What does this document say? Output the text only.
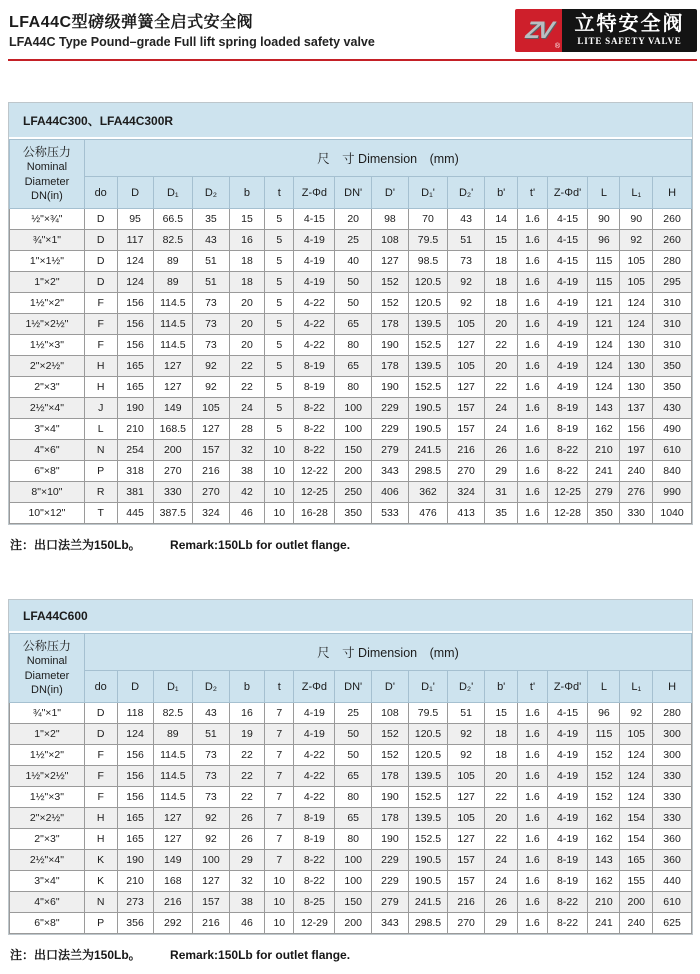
LFA44C型磅级弹簧全启式安全阀
LFA44C Type Pound–grade Full lift spring loaded safety valve	ZV
®
立特安全阀
LITE SAFETY VALVE
LFA44C300、LFA44C300R
公称压力
Nominal
Diameter
DN(in)	尺　寸 Dimension　(mm)																
	do	D	D₁	D₂	b	t	Z-Φd	DN'	D'	D₁'	D₂'	b'	t'	Z-Φd'	L	L₁	H
½"×¾"	D	95	66.5	35	15	5	4-15	20	98	70	43	14	1.6	4-15	90	90	260
¾"×1"	D	117	82.5	43	16	5	4-19	25	108	79.5	51	15	1.6	4-15	96	92	260
1"×1½"	D	124	89	51	18	5	4-19	40	127	98.5	73	18	1.6	4-15	115	105	280
1"×2"	D	124	89	51	18	5	4-19	50	152	120.5	92	18	1.6	4-19	115	105	295
1½"×2"	F	156	114.5	73	20	5	4-22	50	152	120.5	92	18	1.6	4-19	121	124	310
1½"×2½"	F	156	114.5	73	20	5	4-22	65	178	139.5	105	20	1.6	4-19	121	124	310
1½"×3"	F	156	114.5	73	20	5	4-22	80	190	152.5	127	22	1.6	4-19	124	130	310
2"×2½"	H	165	127	92	22	5	8-19	65	178	139.5	105	20	1.6	4-19	124	130	350
2"×3"	H	165	127	92	22	5	8-19	80	190	152.5	127	22	1.6	4-19	124	130	350
2½"×4"	J	190	149	105	24	5	8-22	100	229	190.5	157	24	1.6	8-19	143	137	430
3"×4"	L	210	168.5	127	28	5	8-22	100	229	190.5	157	24	1.6	8-19	162	156	490
4"×6"	N	254	200	157	32	10	8-22	150	279	241.5	216	26	1.6	8-22	210	197	610
6"×8"	P	318	270	216	38	10	12-22	200	343	298.5	270	29	1.6	8-22	241	240	840
8"×10"	R	381	330	270	42	10	12-25	250	406	362	324	31	1.6	12-25	279	276	990
10"×12"	T	445	387.5	324	46	10	16-28	350	533	476	413	35	1.6	12-28	350	330	1040

注：出口法兰为150Lb。 Remark:150Lb for outlet flange.

LFA44C600
公称压力
Nominal
Diameter
DN(in)	尺　寸 Dimension　(mm)																
	do	D	D₁	D₂	b	t	Z-Φd	DN'	D'	D₁'	D₂'	b'	t'	Z-Φd'	L	L₁	H
¾"×1"	D	118	82.5	43	16	7	4-19	25	108	79.5	51	15	1.6	4-15	96	92	280
1"×2"	D	124	89	51	19	7	4-19	50	152	120.5	92	18	1.6	4-19	115	105	300
1½"×2"	F	156	114.5	73	22	7	4-22	50	152	120.5	92	18	1.6	4-19	152	124	300
1½"×2½"	F	156	114.5	73	22	7	4-22	65	178	139.5	105	20	1.6	4-19	152	124	330
1½"×3"	F	156	114.5	73	22	7	4-22	80	190	152.5	127	22	1.6	4-19	152	124	330
2"×2½"	H	165	127	92	26	7	8-19	65	178	139.5	105	20	1.6	4-19	162	154	330
2"×3"	H	165	127	92	26	7	8-19	80	190	152.5	127	22	1.6	4-19	162	154	360
2½"×4"	K	190	149	100	29	7	8-22	100	229	190.5	157	24	1.6	8-19	143	165	360
3"×4"	K	210	168	127	32	10	8-22	100	229	190.5	157	24	1.6	8-19	162	155	440
4"×6"	N	273	216	157	38	10	8-25	150	279	241.5	216	26	1.6	8-22	210	200	610
6"×8"	P	356	292	216	46	10	12-29	200	343	298.5	270	29	1.6	8-22	241	240	625

注：出口法兰为150Lb。 Remark:150Lb for outlet flange.
